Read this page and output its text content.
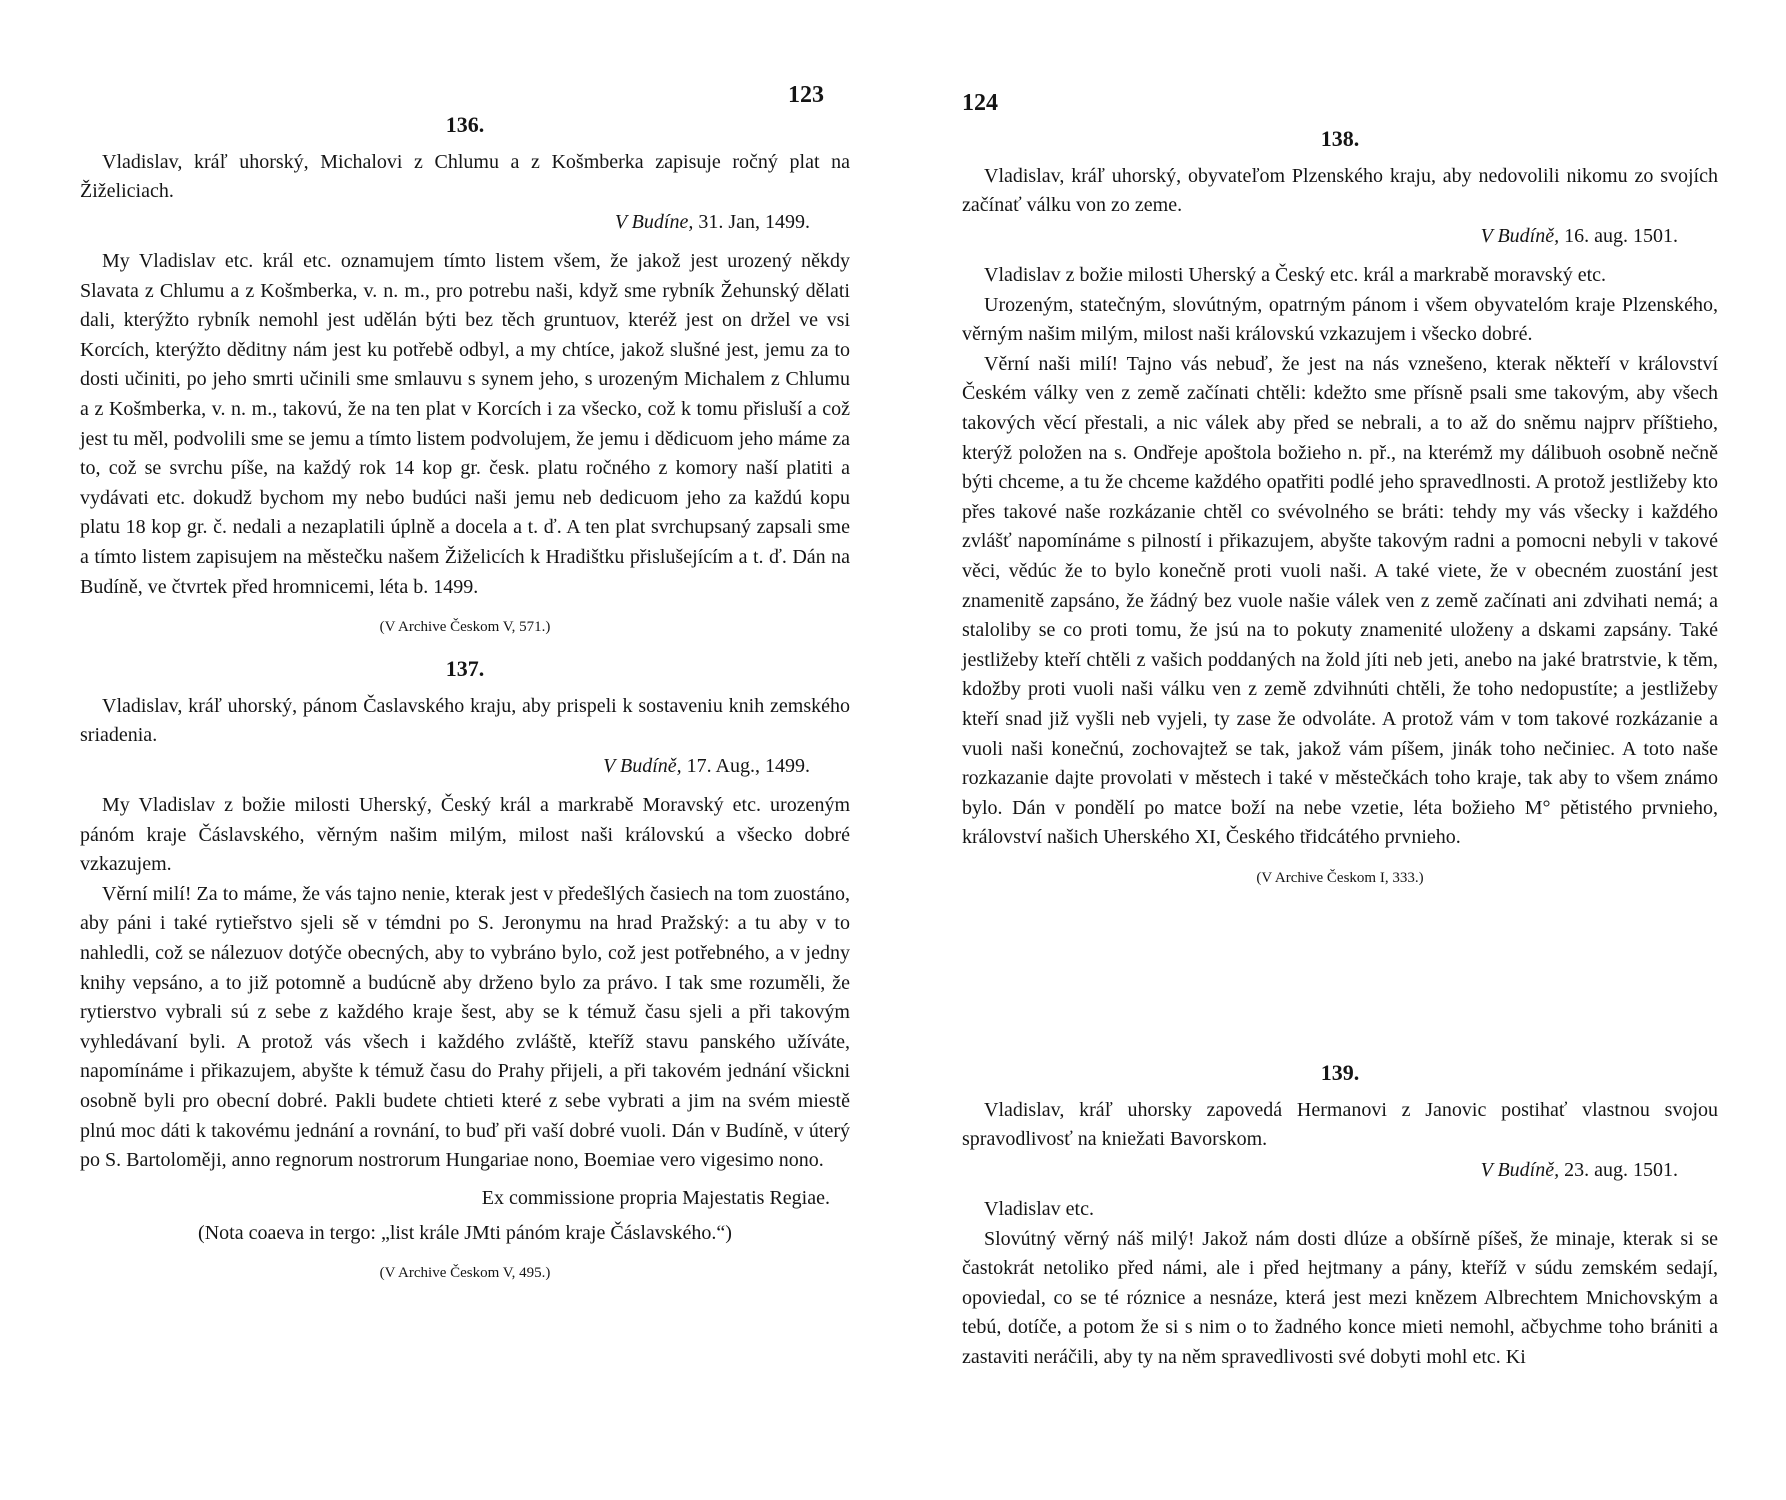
123
136.

Vladislav, kráľ uhorský, Michalovi z Chlumu a z Košmberka zapisuje ročný plat na Žiželiciach.

V Budíne, 31. Jan, 1499.

My Vladislav etc. král etc. oznamujem tímto listem všem, že jakož jest urozený někdy Slavata z Chlumu a z Košmberka, v. n. m., pro potrebu naši, když sme rybník Žehunský dělati dali, kterýžto rybník nemohl jest udělán býti bez těch gruntuov, kteréž jest on držel ve vsi Korcích, kterýžto děditny nám jest ku potřebě odbyl, a my chtíce, jakož slušné jest, jemu za to dosti učiniti, po jeho smrti učinili sme smlauvu s synem jeho, s urozeným Michalem z Chlumu a z Košmberka, v. n. m., takovú, že na ten plat v Korcích i za všecko, což k tomu přisluší a což jest tu měl, podvolili sme se jemu a tímto listem podvolujem, že jemu i dědicuom jeho máme za to, což se svrchu píše, na každý rok 14 kop gr. česk. platu ročného z komory naší platiti a vydávati etc. dokudž bychom my nebo budúci naši jemu neb dedicuom jeho za každú kopu platu 18 kop gr. č. nedali a nezaplatili úplně a docela a t. ď. A ten plat svrchupsaný zapsali sme a tímto listem zapisujem na městečku našem Žiželicích k Hradištku přislušejícím a t. ď. Dán na Budíně, ve čtvrtek před hromnicemi, léta b. 1499.

(V Archive Českom V, 571.)
137.

Vladislav, kráľ uhorský, pánom Časlavského kraju, aby prispeli k sostaveniu knih zemského sriadenia.

V Budíně, 17. Aug., 1499.

My Vladislav z božie milosti Uherský, Český král a markrabě Moravský etc. urozeným pánóm kraje Čáslavského, věrným našim milým, milost naši královskú a všecko dobré vzkazujem.

Věrní milí! Za to máme, že vás tajno nenie, kterak jest v předešlých časiech na tom zuostáno, aby páni i také rytieřstvo sjeli sě v témdni po S. Jeronymu na hrad Pražský: a tu aby v to nahledli, což se nálezuov dotýče obecných, aby to vybráno bylo, což jest potřebného, a v jedny knihy vepsáno, a to již potomně a budúcně aby drženo bylo za právo. I tak sme rozuměli, že rytierstvo vybrali sú z sebe z každého kraje šest, aby se k témuž času sjeli a při takovým vyhledávaní byli. A protož vás všech i každého zvláště, kteříž stavu panského užíváte, napomínáme i přikazujem, abyšte k témuž času do Prahy přijeli, a při takovém jednání všickni osobně byli pro obecní dobré. Pakli budete chtieti které z sebe vybrati a jim na svém miestě plnú moc dáti k takovému jednání a rovnání, to buď při vaší dobré vuoli. Dán v Budíně, v úterý po S. Bartoloměji, anno regnorum nostrorum Hungariae nono, Boemiae vero vigesimo nono.

Ex commissione propria Majestatis Regiae.
(Nota coaeva in tergo: „list krále JMti pánóm kraje Čáslavského.“)
(V Archive Českom V, 495.)
124
138.

Vladislav, kráľ uhorský, obyvateľom Plzenského kraju, aby nedovolili nikomu zo svojích začínať válku von zo zeme.

V Budíně, 16. aug. 1501.

Vladislav z božie milosti Uherský a Český etc. král a markrabě moravský etc.

Urozeným, statečným, slovútným, opatrným pánom i všem obyvatelóm kraje Plzenského, věrným našim milým, milost naši královskú vzkazujem i všecko dobré.

Věrní naši milí! Tajno vás nebuď, že jest na nás vznešeno, kterak někteří v království Českém války ven z země začínati chtěli: kdežto sme přísně psali sme takovým, aby všech takových věcí přestali, a nic válek aby před se nebrali, a to až do sněmu najprv příštieho, kterýž položen na s. Ondřeje apoštola božieho n. př., na kterémž my dálibuoh osobně nečně býti chceme, a tu že chceme každého opatřiti podlé jeho spravedlnosti. A protož jestližeby kto přes takové naše rozkázanie chtěl co svévolného se bráti: tehdy my vás všecky i každého zvlášť napomínáme s pilností i přikazujem, abyšte takovým radni a pomocni nebyli v takové věci, vědúc že to bylo konečně proti vuoli naši. A také viete, že v obecném zuostání jest znamenitě zapsáno, že žádný bez vuole našie válek ven z země začínati ani zdvihati nemá; a staloliby se co proti tomu, že jsú na to pokuty znamenité uloženy a dskami zapsány. Také jestližeby kteří chtěli z vašich poddaných na žold jíti neb jeti, anebo na jaké bratrstvie, k těm, kdožby proti vuoli naši válku ven z země zdvihnúti chtěli, že toho nedopustíte; a jestližeby kteří snad již vyšli neb vyjeli, ty zase že odvoláte. A protož vám v tom takové rozkázanie a vuoli naši konečnú, zochovajtež se tak, jakož vám píšem, jinák toho nečiniec. A toto naše rozkazanie dajte provolati v městech i také v městečkách toho kraje, tak aby to všem známo bylo. Dán v pondělí po matce boží na nebe vzetie, léta božieho M° pětistého prvnieho, království našich Uherského XI, Českého třidcátého prvnieho.

(V Archive Českom I, 333.)
139.

Vladislav, kráľ uhorsky zapovedá Hermanovi z Janovic postihať vlastnou svojou spravodlivosť na kniežati Bavorskom.

V Budíně, 23. aug. 1501.

Vladislav etc.

Slovútný věrný náš milý! Jakož nám dosti dlúze a obšírně píšeš, že minaje, kterak si se častokrát netoliko před námi, ale i před hejtmany a pány, kteříž v súdu zemském sedají, opoviedal, co se té róznice a nesnáze, která jest mezi knězem Albrechtem Mnichovským a tebú, dotíče, a potom že si s nim o to žadného konce mieti nemohl, ačbychme toho brániti a zastaviti neráčili, aby ty na něm spravedlivosti své dobyti mohl etc. Ki
